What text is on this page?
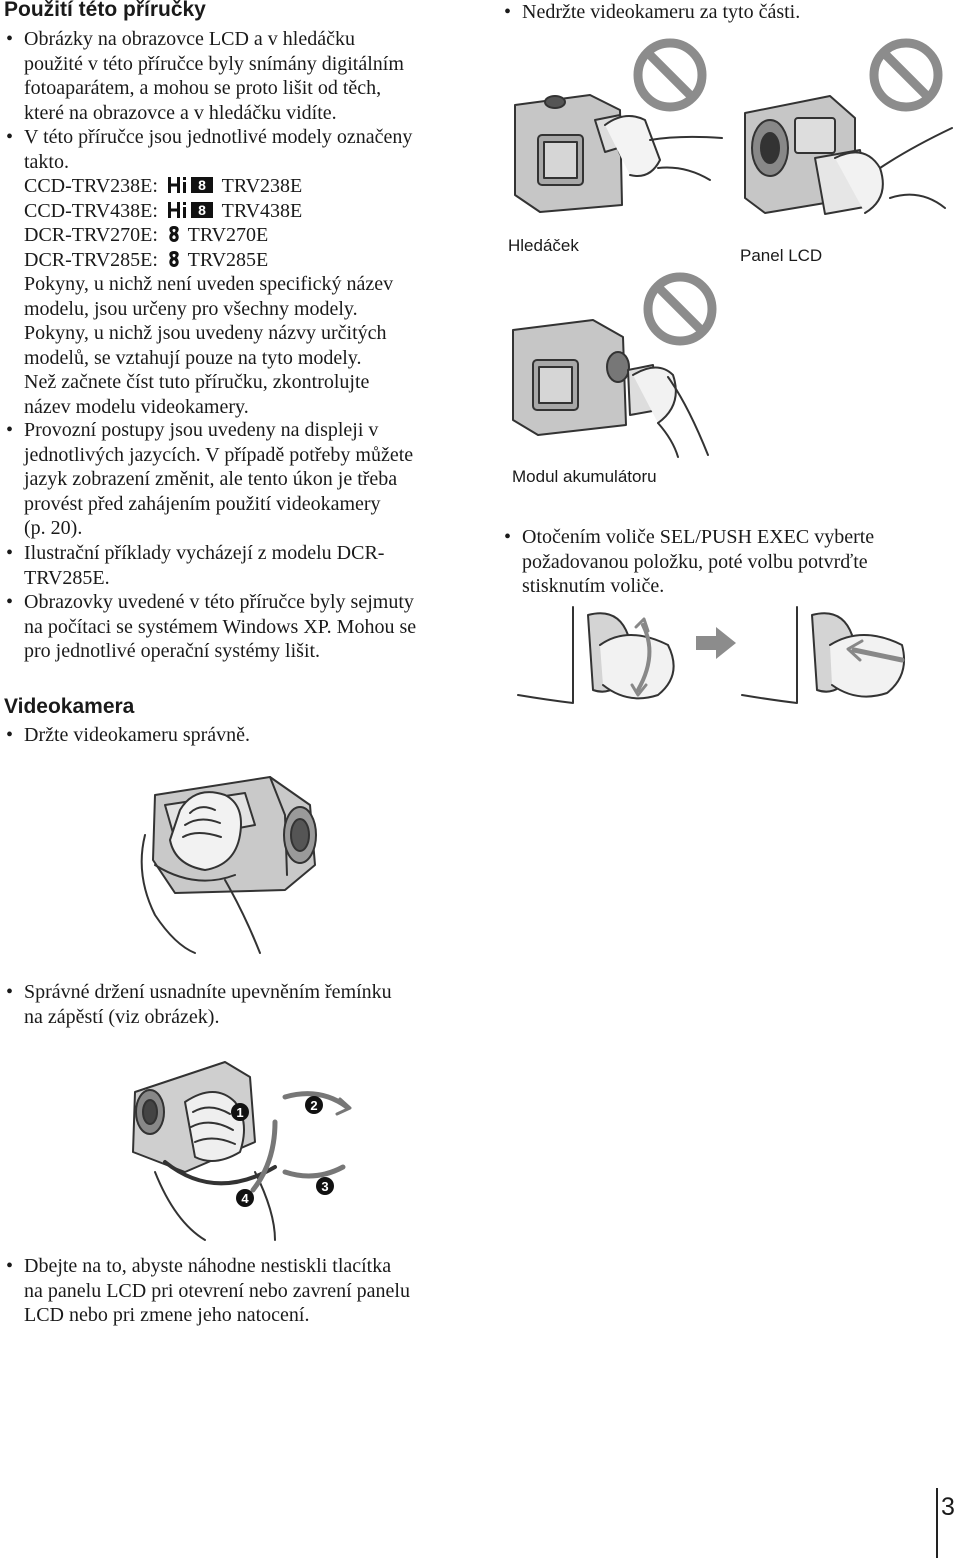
Použití této příručky
• Obrázky na obrazovce LCD a v hledáčku
použité v této příručce byly snímány digitálním
fotoaparátem, a mohou se proto lišit od těch,
které na obrazovce a v hledáčku vidíte.
• V této příručce jsou jednotlivé modely označeny
takto.
CCD-TRV238E:	8 TRV238E
CCD-TRV438E:	8 TRV438E
DCR-TRV270E: TRV270E
DCR-TRV285E: TRV285E
Pokyny, u nichž není uveden specifický název
modelu, jsou určeny pro všechny modely.
Pokyny, u nichž jsou uvedeny názvy určitých
modelů, se vztahují pouze na tyto modely.
Než začnete číst tuto příručku, zkontrolujte
název modelu videokamery.
• Provozní postupy jsou uvedeny na displeji v
jednotlivých jazycích. V případě potřeby můžete
jazyk zobrazení změnit, ale tento úkon je třeba
provést před zahájením použití videokamery
(p. 20).
• Ilustrační příklady vycházejí z modelu DCR-
TRV285E.
• Obrazovky uvedené v této příručce byly sejmuty
na počítaci se systémem Windows XP. Mohou se
pro jednotlivé operační systémy lišit.
Videokamera
• Držte videokameru správně.
• Správné držení usnadníte upevněním řemínku
na zápěstí (viz obrázek).
1	2
3
4
• Dbejte na to, abyste náhodne nestiskli tlacítka
na panelu LCD pri otevrení nebo zavrení panelu
LCD nebo pri zmene jeho natocení.
• Nedržte videokameru za tyto části.
Hledáček
Panel LCD
Modul akumulátoru
• Otočením voliče SEL/PUSH EXEC vyberte
požadovanou položku, poté volbu potvrďte
stisknutím voliče.
3
